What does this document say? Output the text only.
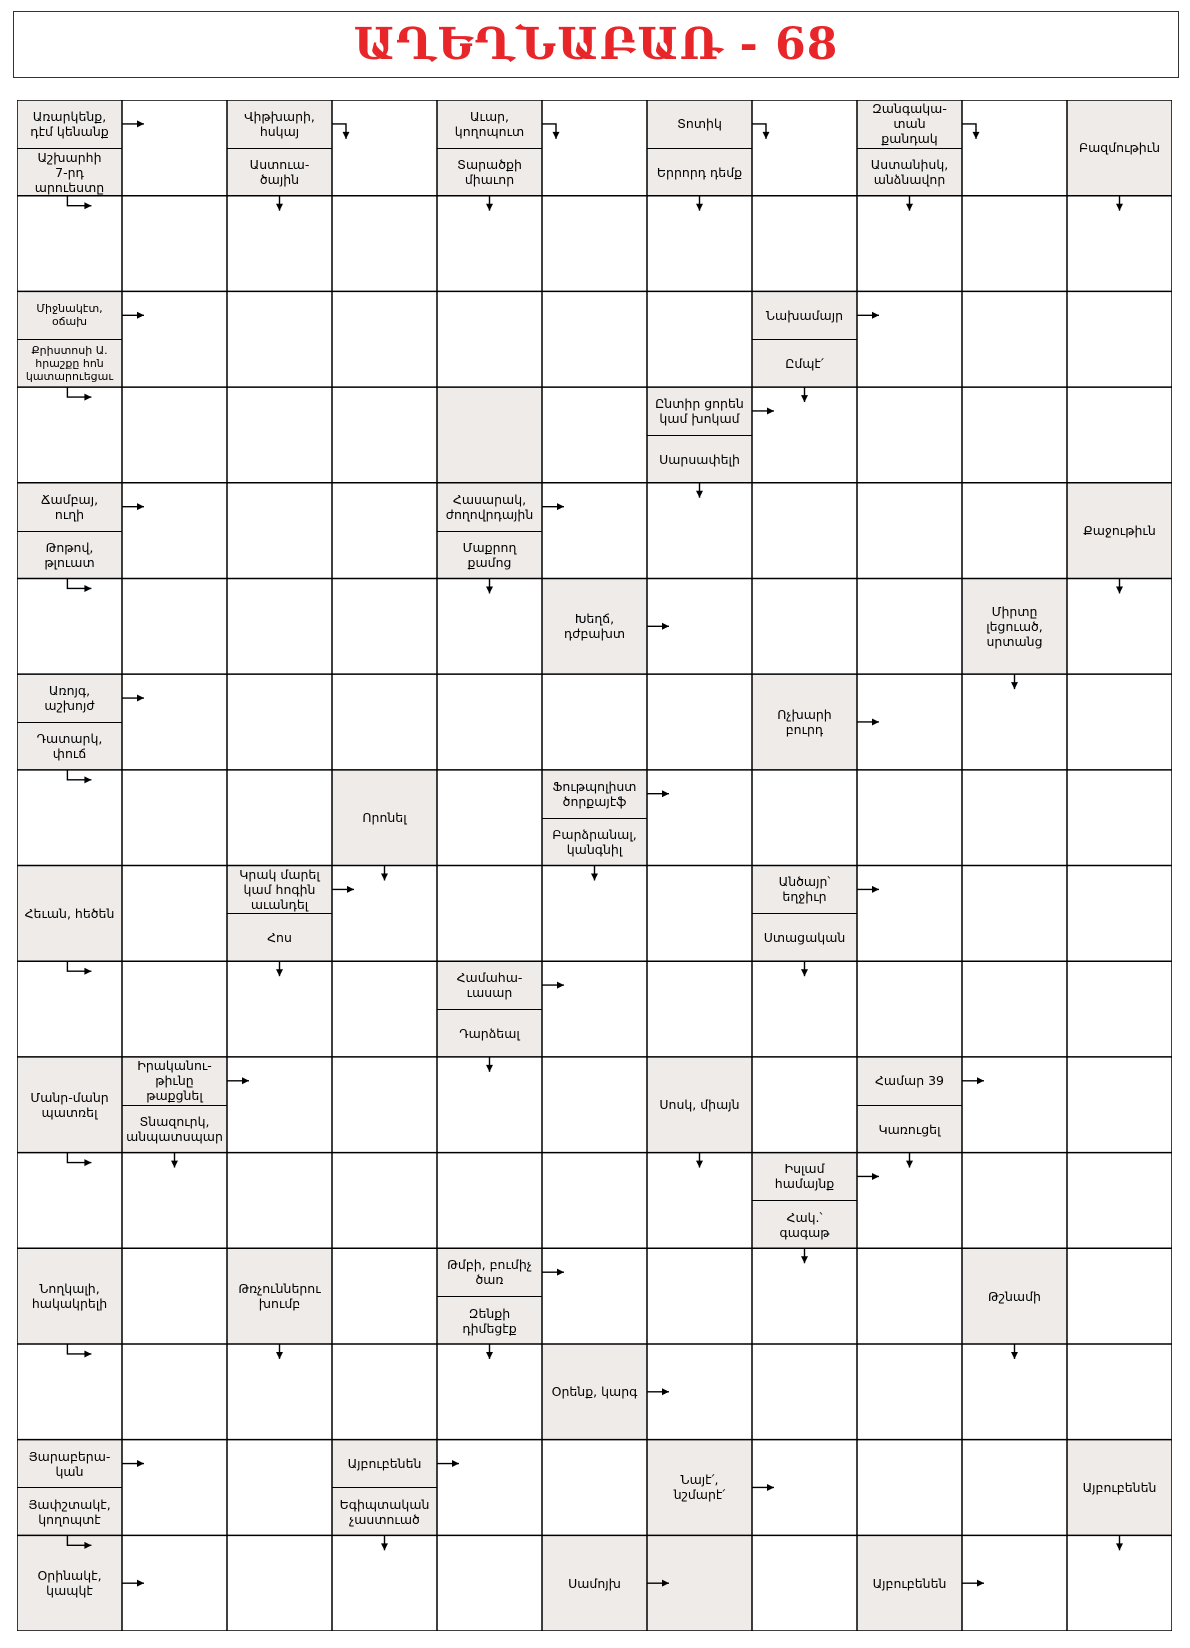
ԱՂԵՂՆԱԲԱՌ - 68
Առարկենք,
դէմ կենանք
Աշխարհի
7-րդ
արուեստը
Վիթխարի,
հսկայ
Աստուա-
ծային
Աւար,
կողոպուտ
Տարածքի
միաւոր
Տոտիկ
Երրորդ դեմք
Զանգակա-
տան
քանդակ
Աստանիսկ,
անձնավոր
Բազմութիւն
Միջնակէտ,
օճախ
Քրիստոսի Ա.
հրաշքը հոն
կատարուեցաւ
Նախամայր
Ըմպէ՛
Ընտիր ցորեն
կամ խոկամ
Սարսափելի
Ճամբայ,
ուղի
Թոթով,
թլուատ
Հասարակ,
ժողովրդային
Մաքրող
քամոց
Քաջութիւն
Խեղճ,
դժբախտ
Միրտը
լեցուած,
սրտանց
Առոյգ,
աշխոյժ
Դատարկ,
փուճ
Ոչխարի
բուրդ
Որոնել
Ֆութպոլիստ
ծորքայէֆ
Բարձրանալ,
կանգնիլ
Հեւան, հեծեն
Կրակ մարել
կամ հոգին
աւանդել
Հոս
Անծայր՝
եղջիւր
Ստացական
Համահա-
ւասար
Դարձեալ
Մանր-մանր
պատռել
Իրականու-
թիւնը
թաքցնել
Տնազուրկ,
անպատսպար
Սոսկ, միայն
Համար 39
Կառուցել
Իսլամ
համայնք
Հակ.՝
գագաթ
Նողկալի,
հակակրելի
Թռչուններու
խումբ
Թմբի, բումիչ
ծառ
Զենքի
դիմեցէք
Թշնամի
Օրենք, կարգ
Յարաբերա-
կան
Յափշտակէ,
կողոպտէ
Այբուբենեն
Եգիպտական
չաստուած
Նայէ՛,
նշմարէ՛	Այբուբենեն
Օրինակէ,
կապկէ	Սամոյխ	Այբուբենեն
